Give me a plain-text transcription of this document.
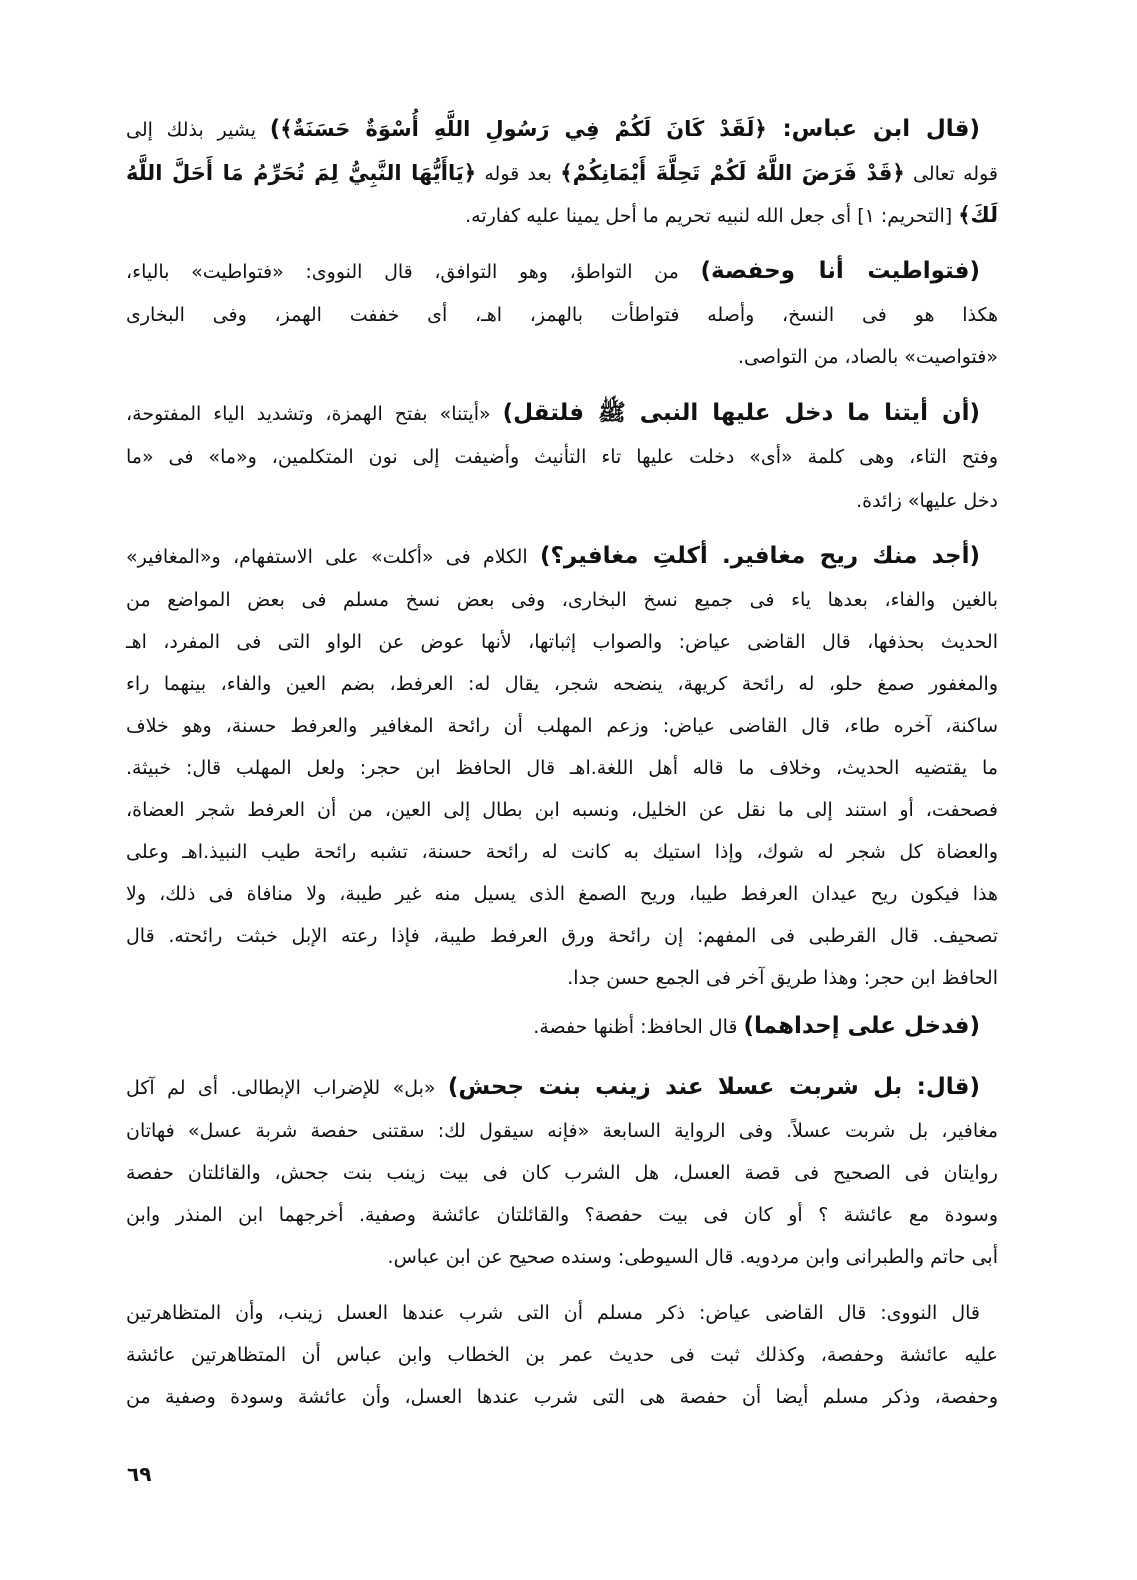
(قال ابن عباس: ﴿لَقَدْ كَانَ لَكُمْ فِي رَسُولِ اللَّهِ أُسْوَةٌ حَسَنَةٌ﴾) يشير بذلك إلى
قوله تعالى ﴿قَدْ فَرَضَ اللَّهُ لَكُمْ تَحِلَّةَ أَيْمَانِكُمْ﴾ بعد قوله ﴿يَاأَيُّهَا النَّبِيُّ لِمَ تُحَرِّمُ مَا أَحَلَّ اللَّهُ
لَكَ﴾ [التحريم: ١] أى جعل الله لنبيه تحريم ما أحل يمينا عليه كفارته.
(فتواطيت أنا وحفصة) من التواطؤ، وهو التوافق، قال النووى: «فتواطيت» بالياء،
هكذا هو فى النسخ، وأصله فتواطأت بالهمز، اهـ، أى خففت الهمز، وفى البخارى
«فتواصيت» بالصاد، من التواصى.
(أن أيتنا ما دخل عليها النبى ﷺ فلتقل) «أيتنا» بفتح الهمزة، وتشديد الياء المفتوحة،
وفتح التاء، وهى كلمة «أى» دخلت عليها تاء التأنيث وأضيفت إلى نون المتكلمين، و«ما» فى «ما
دخل عليها» زائدة.
(أجد منك ريح مغافير. أكلتِ مغافير؟) الكلام فى «أكلت» على الاستفهام، و«المغافير»
بالغين والفاء، بعدها ياء فى جميع نسخ البخارى، وفى بعض نسخ مسلم فى بعض المواضع من
الحديث بحذفها، قال القاضى عياض: والصواب إثباتها، لأنها عوض عن الواو التى فى المفرد، اهـ
والمغفور صمغ حلو، له رائحة كريهة، ينضحه شجر، يقال له: العرفط، بضم العين والفاء، بينهما راء
ساكنة، آخره طاء، قال القاضى عياض: وزعم المهلب أن رائحة المغافير والعرفط حسنة، وهو خلاف
ما يقتضيه الحديث، وخلاف ما قاله أهل اللغة.اهـ قال الحافظ ابن حجر: ولعل المهلب قال: خبيثة.
فصحفت، أو استند إلى ما نقل عن الخليل، ونسبه ابن بطال إلى العين، من أن العرفط شجر العضاة،
والعضاة كل شجر له شوك، وإذا استيك به كانت له رائحة حسنة، تشبه رائحة طيب النبيذ.اهـ وعلى
هذا فيكون ريح عيدان العرفط طيبا، وريح الصمغ الذى يسيل منه غير طيبة، ولا منافاة فى ذلك، ولا
تصحيف. قال القرطبى فى المفهم: إن رائحة ورق العرفط طيبة، فإذا رعته الإبل خبثت رائحته. قال
الحافظ ابن حجر: وهذا طريق آخر فى الجمع حسن جدا.
(فدخل على إحداهما) قال الحافظ: أظنها حفصة.
(قال: بل شربت عسلا عند زينب بنت جحش) «بل» للإضراب الإبطالى. أى لم آكل
مغافير، بل شربت عسلاً. وفى الرواية السابعة «فإنه سيقول لك: سقتنى حفصة شربة عسل» فهاتان
روايتان فى الصحيح فى قصة العسل، هل الشرب كان فى بيت زينب بنت جحش، والقائلتان حفصة
وسودة مع عائشة ؟ أو كان فى بيت حفصة؟ والقائلتان عائشة وصفية. أخرجهما ابن المنذر وابن
أبى حاتم والطبرانى وابن مردويه. قال السيوطى: وسنده صحيح عن ابن عباس.
قال النووى: قال القاضى عياض: ذكر مسلم أن التى شرب عندها العسل زينب، وأن المتظاهرتين
عليه عائشة وحفصة، وكذلك ثبت فى حديث عمر بن الخطاب وابن عباس أن المتظاهرتين عائشة
وحفصة، وذكر مسلم أيضا أن حفصة هى التى شرب عندها العسل، وأن عائشة وسودة وصفية من
٦٩
